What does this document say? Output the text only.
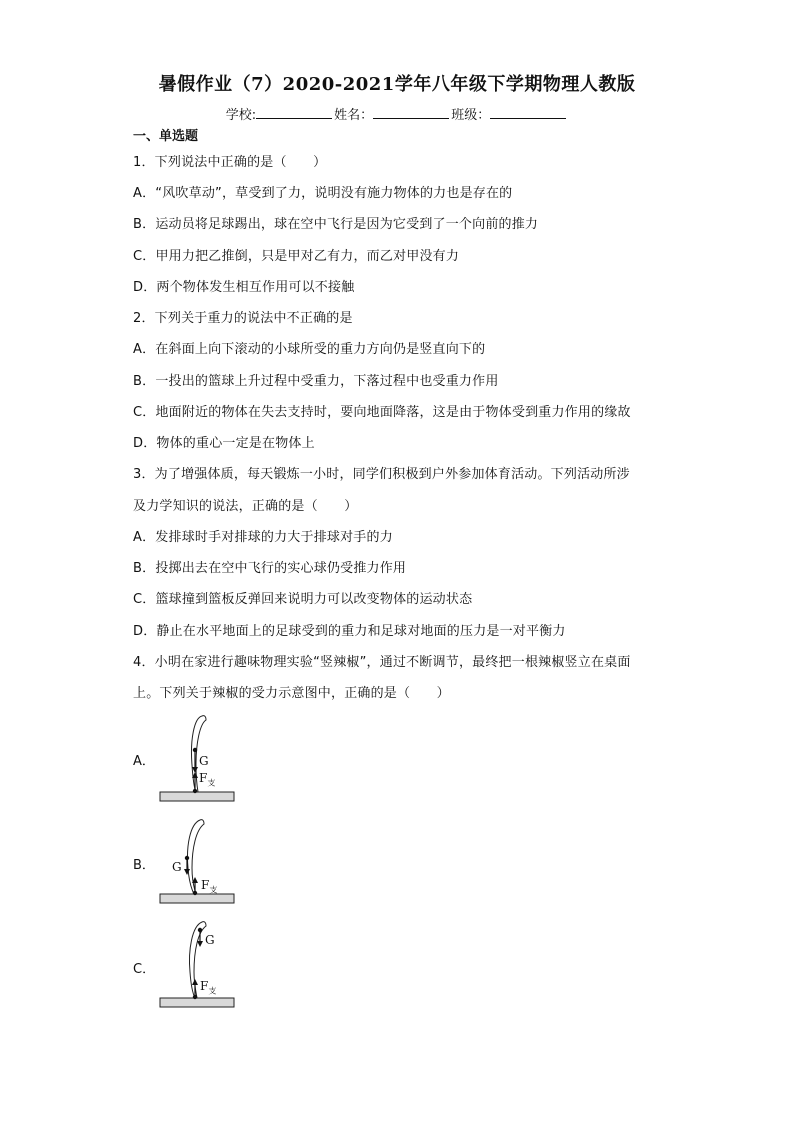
暑假作业（7）2020-2021学年八年级下学期物理人教版
学校:	姓名：	班级：
一、单选题
1．下列说法中正确的是（　　）
A．“风吹草动”，草受到了力，说明没有施力物体的力也是存在的
B．运动员将足球踢出，球在空中飞行是因为它受到了一个向前的推力
C．甲用力把乙推倒，只是甲对乙有力，而乙对甲没有力
D．两个物体发生相互作用可以不接触
2．下列关于重力的说法中不正确的是
A．在斜面上向下滚动的小球所受的重力方向仍是竖直向下的
B．一投出的篮球上升过程中受重力，下落过程中也受重力作用
C．地面附近的物体在失去支持时，要向地面降落，这是由于物体受到重力作用的缘故
D．物体的重心一定是在物体上
3．为了增强体质，每天锻炼一小时，同学们积极到户外参加体育活动。下列活动所涉
及力学知识的说法，正确的是（　　）
A．发排球时手对排球的力大于排球对手的力
B．投掷出去在空中飞行的实心球仍受推力作用
C．篮球撞到篮板反弹回来说明力可以改变物体的运动状态
D．静止在水平地面上的足球受到的重力和足球对地面的压力是一对平衡力
4．小明在家进行趣味物理实验“竖辣椒”，通过不断调节，最终把一根辣椒竖立在桌面
上。下列关于辣椒的受力示意图中，正确的是（　　）
A．	G
$F_支$
B． G
$F_支$
C．
G
$F_支$
